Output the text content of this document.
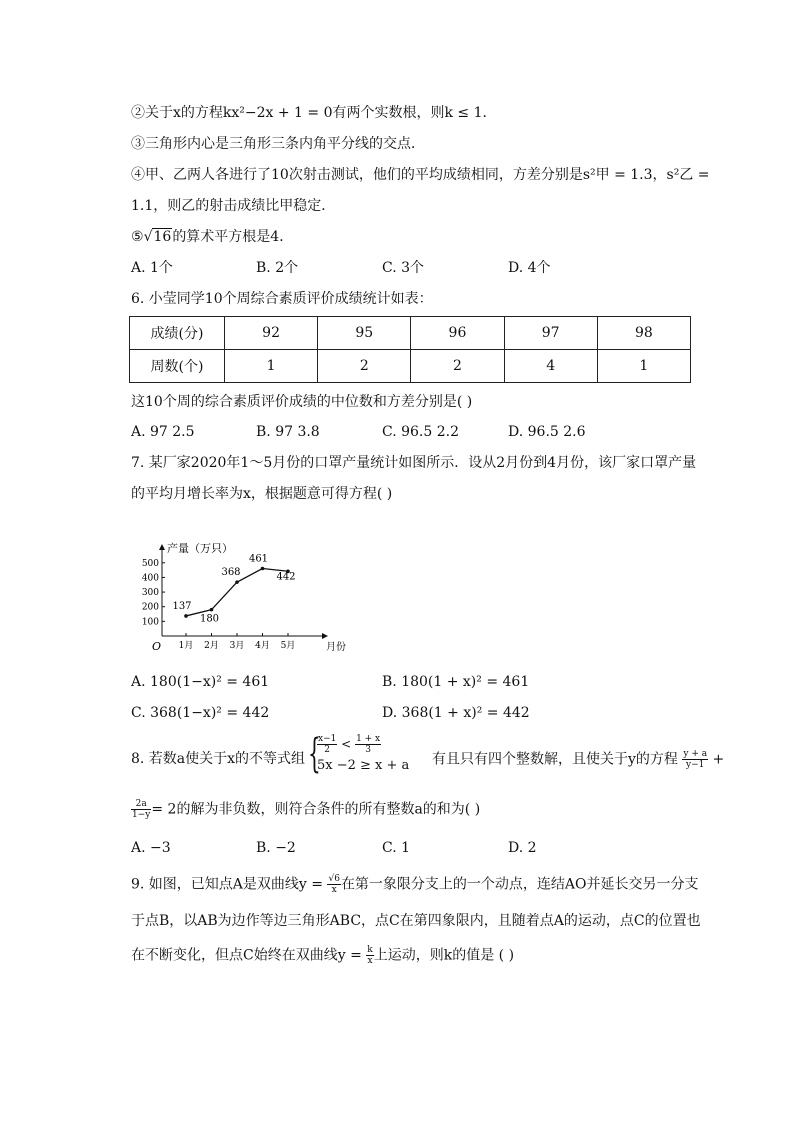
②关于x的方程kx²−2x + 1 = 0有两个实数根，则k ≤ 1．
③三角形内心是三角形三条内角平分线的交点．
④甲、乙两人各进行了10次射击测试，他们的平均成绩相同，方差分别是s²甲 = 1.3，s²乙 =
1.1，则乙的射击成绩比甲稳定．
⑤√16的算术平方根是4．
A. 1个	B. 2个	C. 3个	D. 4个
6. 小莹同学10个周综合素质评价成绩统计如表：
成绩(分)	92	95	96	97	98
周数(个)	1	2	2	4	1
这10个周的综合素质评价成绩的中位数和方差分别是( )
A. 97 2.5	B. 97 3.8	C. 96.5 2.2	D. 96.5 2.6
7. 某厂家2020年1～5月份的口罩产量统计如图所示．设从2月份到4月份，该厂家口罩产量
的平均月增长率为x，根据题意可得方程( )
产量（万只）
月份
O
100
200
300
400
500
1月 2月 3月 4月 5月
137
180
368
461
442
A. 180(1−x)² = 461	B. 180(1 + x)² = 461
C. 368(1−x)² = 442	D. 368(1 + x)² = 442
8. 若数a使关于x的不等式组 {
$\frac{x-1}{2} < \frac{1 + x}{3}$
5x −2 ≥ x + a 有且只有四个整数解，且使关于y的方程 $\frac{y + a}{y-1}$ +
$\frac{2a}{1-y} = 2$的解为非负数，则符合条件的所有整数a的和为( )
A. −3	B. −2	C. 1	D. 2
9. 如图，已知点A是双曲线$y = \frac{√6}{x}$ 在第一象限分支上的一个动点，连结AO并延长交另一分支
于点B，以AB为边作等边三角形ABC，点C在第四象限内，且随着点A的运动，点C的位置也
在不断变化，但点C始终在双曲线$y = \frac{k}{x}$ 上运动，则k的值是 ( )
